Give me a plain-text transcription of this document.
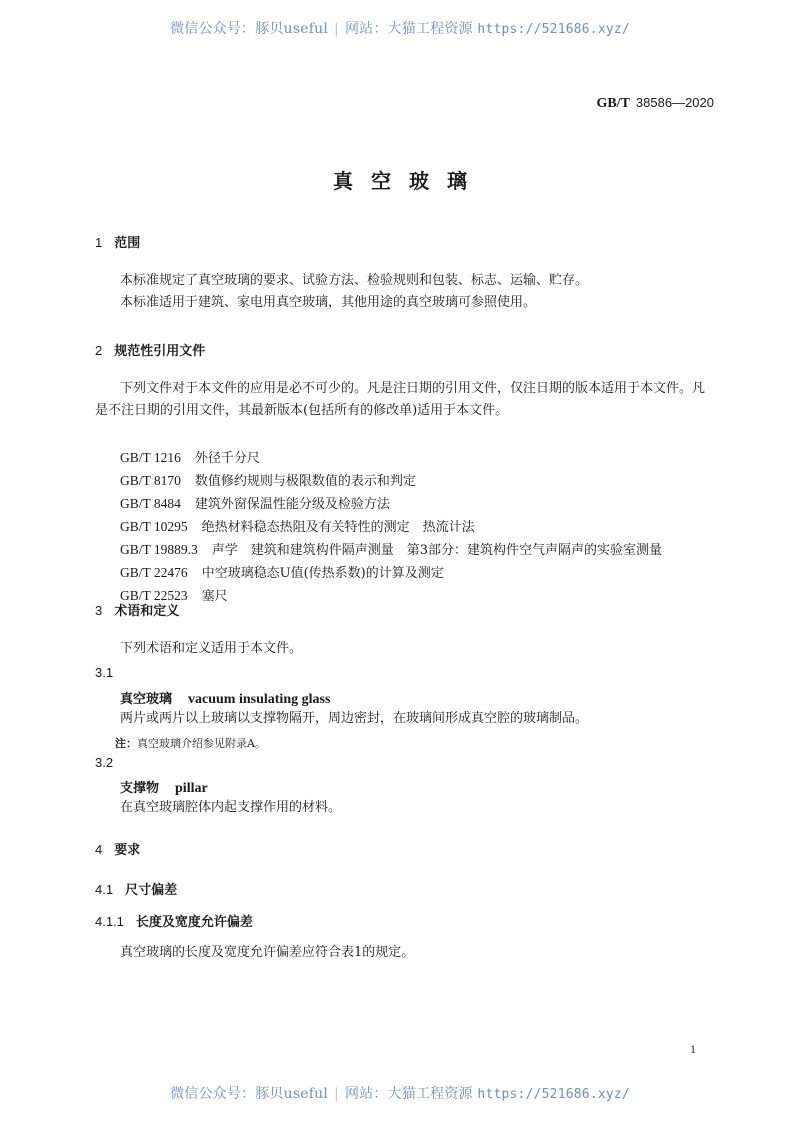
微信公众号：豚贝useful | 网站：大猫工程资源 https://521686.xyz/
GB/T 38586—2020
真空玻璃
1 范围
本标准规定了真空玻璃的要求、试验方法、检验规则和包装、标志、运输、贮存。
本标准适用于建筑、家电用真空玻璃，其他用途的真空玻璃可参照使用。
2 规范性引用文件
下列文件对于本文件的应用是必不可少的。凡是注日期的引用文件，仅注日期的版本适用于本文件。凡是不注日期的引用文件，其最新版本(包括所有的修改单)适用于本文件。
GB/T 1216 外径千分尺
GB/T 8170 数值修约规则与极限数值的表示和判定
GB/T 8484 建筑外窗保温性能分级及检验方法
GB/T 10295 绝热材料稳态热阻及有关特性的测定　热流计法
GB/T 19889.3 声学　建筑和建筑构件隔声测量　第3部分：建筑构件空气声隔声的实验室测量
GB/T 22476 中空玻璃稳态U值(传热系数)的计算及测定
GB/T 22523 塞尺
3 术语和定义
下列术语和定义适用于本文件。
3.1
真空玻璃 vacuum insulating glass
两片或两片以上玻璃以支撑物隔开，周边密封，在玻璃间形成真空腔的玻璃制品。
注：真空玻璃介绍参见附录A。
3.2
支撑物 pillar
在真空玻璃腔体内起支撑作用的材料。
4 要求
4.1 尺寸偏差
4.1.1 长度及宽度允许偏差
真空玻璃的长度及宽度允许偏差应符合表1的规定。
1
微信公众号：豚贝useful | 网站：大猫工程资源 https://521686.xyz/
